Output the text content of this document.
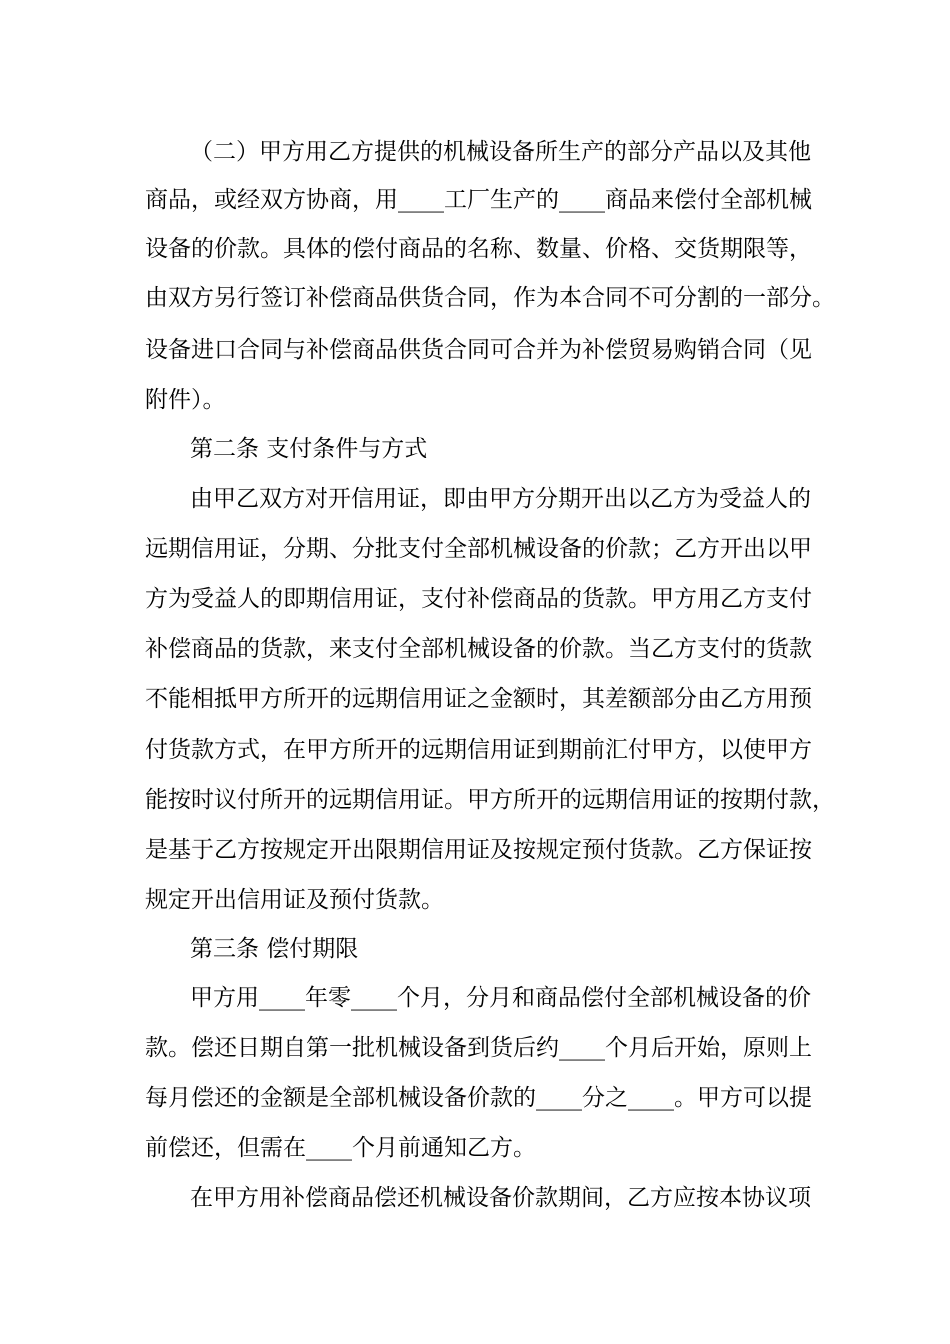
（二）甲方用乙方提供的机械设备所生产的部分产品以及其他
商品，或经双方协商，用____工厂生产的____商品来偿付全部机械
设备的价款。具体的偿付商品的名称、数量、价格、交货期限等，
由双方另行签订补偿商品供货合同，作为本合同不可分割的一部分。
设备进口合同与补偿商品供货合同可合并为补偿贸易购销合同（见
附件）。
第二条 支付条件与方式
由甲乙双方对开信用证，即由甲方分期开出以乙方为受益人的
远期信用证，分期、分批支付全部机械设备的价款；乙方开出以甲
方为受益人的即期信用证，支付补偿商品的货款。甲方用乙方支付
补偿商品的货款，来支付全部机械设备的价款。当乙方支付的货款
不能相抵甲方所开的远期信用证之金额时，其差额部分由乙方用预
付货款方式，在甲方所开的远期信用证到期前汇付甲方，以使甲方
能按时议付所开的远期信用证。甲方所开的远期信用证的按期付款，
是基于乙方按规定开出限期信用证及按规定预付货款。乙方保证按
规定开出信用证及预付货款。
第三条 偿付期限
甲方用____年零____个月，分月和商品偿付全部机械设备的价
款。偿还日期自第一批机械设备到货后约____个月后开始，原则上
每月偿还的金额是全部机械设备价款的____分之____。甲方可以提
前偿还，但需在____个月前通知乙方。
在甲方用补偿商品偿还机械设备价款期间，乙方应按本协议项
